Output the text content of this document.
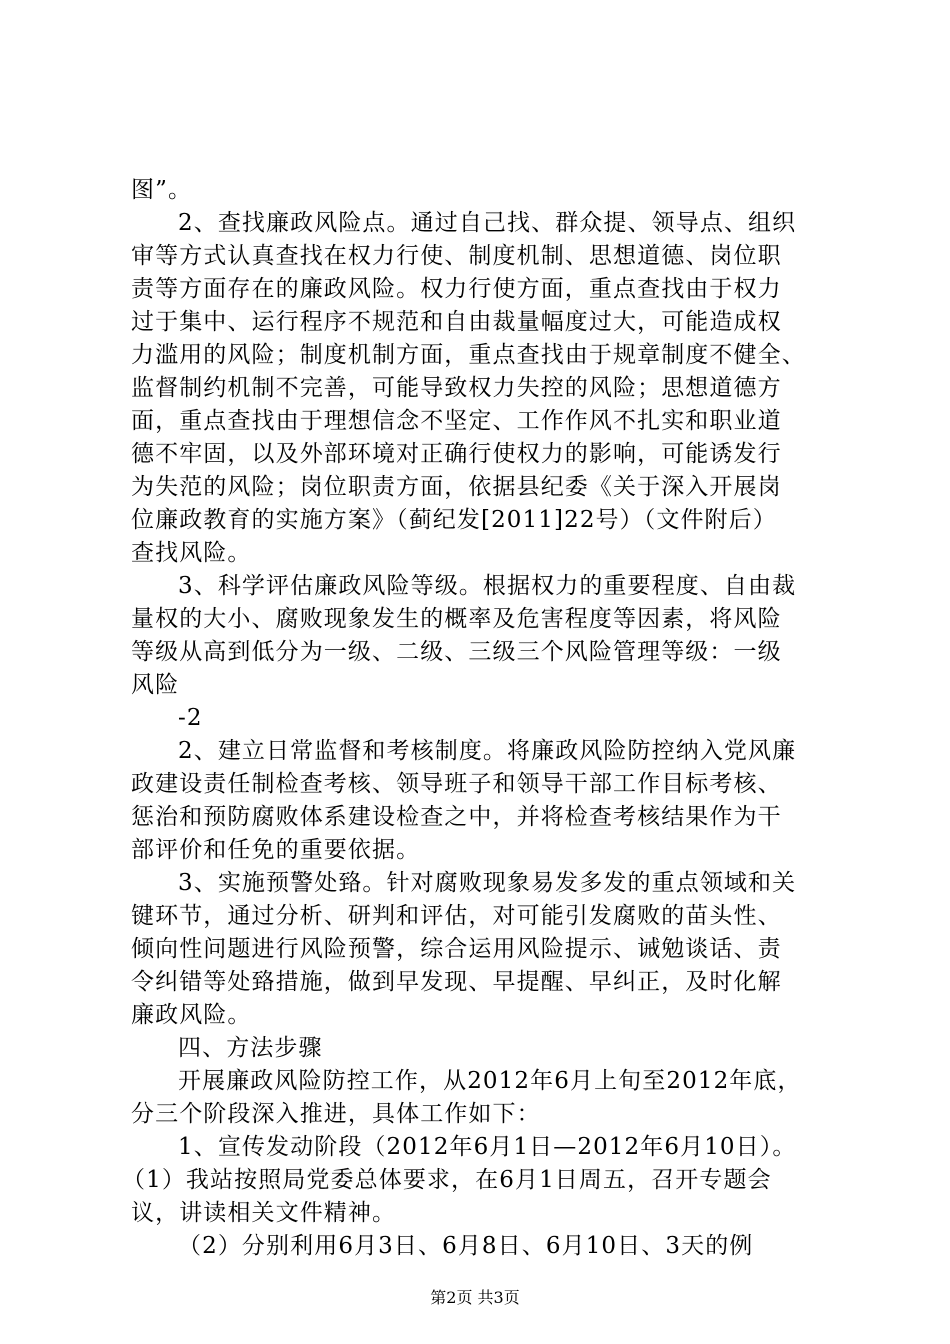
图”。
2、查找廉政风险点。通过自己找、群众提、领导点、组织
审等方式认真查找在权力行使、制度机制、思想道德、岗位职
责等方面存在的廉政风险。权力行使方面，重点查找由于权力
过于集中、运行程序不规范和自由裁量幅度过大，可能造成权
力滥用的风险；制度机制方面，重点查找由于规章制度不健全、
监督制约机制不完善，可能导致权力失控的风险；思想道德方
面，重点查找由于理想信念不坚定、工作作风不扎实和职业道
德不牢固，以及外部环境对正确行使权力的影响，可能诱发行
为失范的风险；岗位职责方面，依据县纪委《关于深入开展岗
位廉政教育的实施方案》（蓟纪发[2011]22号）（文件附后）
查找风险。
3、科学评估廉政风险等级。根据权力的重要程度、自由裁
量权的大小、腐败现象发生的概率及危害程度等因素，将风险
等级从高到低分为一级、二级、三级三个风险管理等级：一级
风险
-2
2、建立日常监督和考核制度。将廉政风险防控纳入党风廉
政建设责任制检查考核、领导班子和领导干部工作目标考核、
惩治和预防腐败体系建设检查之中，并将检查考核结果作为干
部评价和任免的重要依据。
3、实施预警处臵。针对腐败现象易发多发的重点领域和关
键环节，通过分析、研判和评估，对可能引发腐败的苗头性、
倾向性问题进行风险预警，综合运用风险提示、诫勉谈话、责
令纠错等处臵措施，做到早发现、早提醒、早纠正，及时化解
廉政风险。
四、方法步骤
开展廉政风险防控工作，从2012年6月上旬至2012年底，
分三个阶段深入推进，具体工作如下：
1、宣传发动阶段（2012年6月1日—2012年6月10日）。
（1）我站按照局党委总体要求，在6月1日周五，召开专题会
议，讲读相关文件精神。
（2）分别利用6月3日、6月8日、6月10日、3天的例
第2页 共3页
